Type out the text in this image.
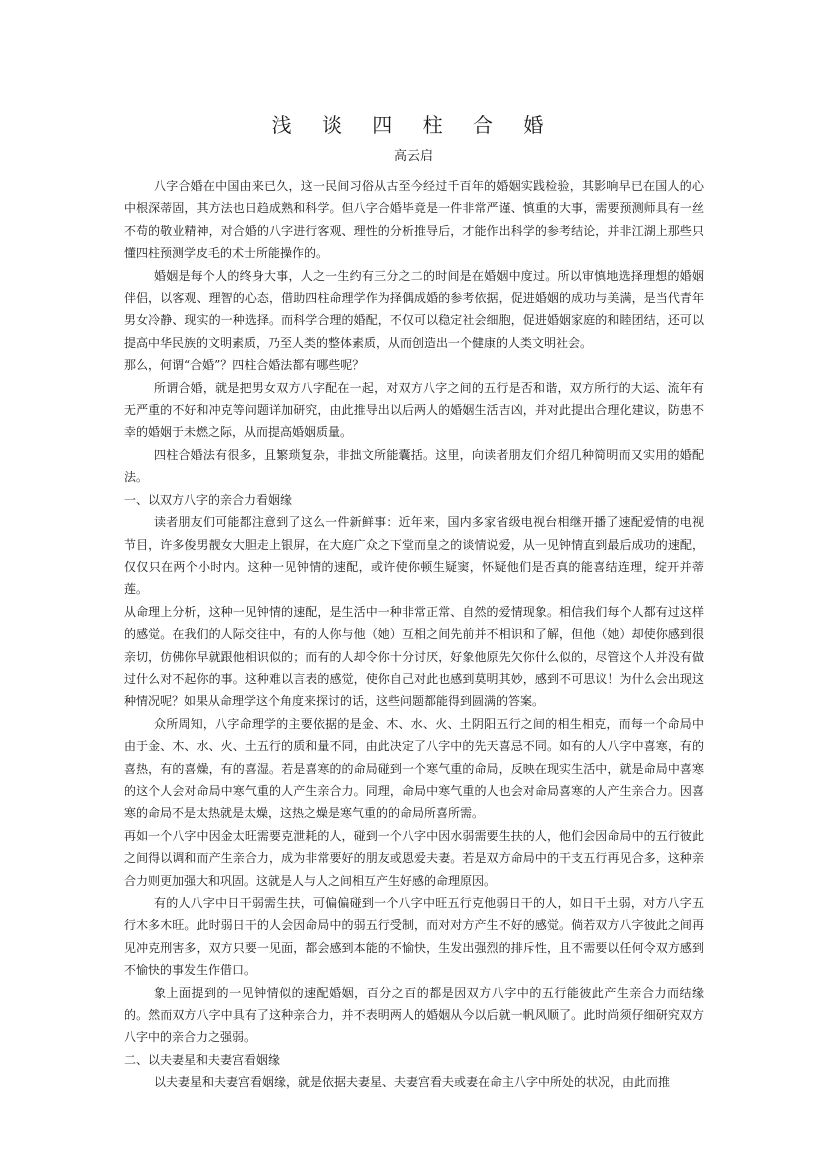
浅 谈 四 柱 合 婚
高云启

八字合婚在中国由来已久，这一民间习俗从古至今经过千百年的婚姻实践检验，其影响早已在国人的心中根深蒂固，其方法也日趋成熟和科学。但八字合婚毕竟是一件非常严谨、慎重的大事，需要预测师具有一丝不苟的敬业精神，对合婚的八字进行客观、理性的分析推导后，才能作出科学的参考结论，并非江湖上那些只懂四柱预测学皮毛的术士所能操作的。

婚姻是每个人的终身大事，人之一生约有三分之二的时间是在婚姻中度过。所以审慎地选择理想的婚姻伴侣，以客观、理智的心态，借助四柱命理学作为择偶成婚的参考依据，促进婚姻的成功与美满，是当代青年男女冷静、现实的一种选择。而科学合理的婚配，不仅可以稳定社会细胞，促进婚姻家庭的和睦团结，还可以提高中华民族的文明素质，乃至人类的整体素质，从而创造出一个健康的人类文明社会。

那么，何谓“合婚”？四柱合婚法都有哪些呢？

所谓合婚，就是把男女双方八字配在一起，对双方八字之间的五行是否和谐，双方所行的大运、流年有无严重的不好和冲克等问题详加研究，由此推导出以后两人的婚姻生活吉凶，并对此提出合理化建议，防患不幸的婚姻于未燃之际，从而提高婚姻质量。

四柱合婚法有很多，且繁琐复杂，非拙文所能囊括。这里，向读者朋友们介绍几种简明而又实用的婚配法。

一、以双方八字的亲合力看姻缘

读者朋友们可能都注意到了这么一件新鲜事：近年来，国内多家省级电视台相继开播了速配爱情的电视节目，许多俊男靓女大胆走上银屏，在大庭广众之下堂而皇之的谈情说爱，从一见钟情直到最后成功的速配，仅仅只在两个小时内。这种一见钟情的速配，或许使你顿生疑窦，怀疑他们是否真的能喜结连理，绽开并蒂莲。

从命理上分析，这种一见钟情的速配，是生活中一种非常正常、自然的爱情现象。相信我们每个人都有过这样的感觉。在我们的人际交往中，有的人你与他（她）互相之间先前并不相识和了解，但他（她）却使你感到很亲切，仿佛你早就跟他相识似的；而有的人却令你十分讨厌，好象他原先欠你什么似的，尽管这个人并没有做过什么对不起你的事。这种难以言表的感觉，使你自己对此也感到莫明其妙，感到不可思议！为什么会出现这种情况呢？如果从命理学这个角度来探讨的话，这些问题都能得到圆满的答案。

众所周知，八字命理学的主要依据的是金、木、水、火、土阴阳五行之间的相生相克，而每一个命局中由于金、木、水、火、土五行的质和量不同，由此决定了八字中的先天喜忌不同。如有的人八字中喜寒，有的喜热，有的喜燥，有的喜湿。若是喜寒的的命局碰到一个寒气重的命局，反映在现实生活中，就是命局中喜寒的这个人会对命局中寒气重的人产生亲合力。同理，命局中寒气重的人也会对命局喜寒的人产生亲合力。因喜寒的命局不是太热就是太燥，这热之燥是寒气重的的命局所喜所需。

再如一个八字中因金太旺需要克泄耗的人，碰到一个八字中因水弱需要生扶的人，他们会因命局中的五行彼此之间得以调和而产生亲合力，成为非常要好的朋友或恩爱夫妻。若是双方命局中的干支五行再见合多，这种亲合力则更加强大和巩固。这就是人与人之间相互产生好感的命理原因。

有的人八字中日干弱需生扶，可偏偏碰到一个八字中旺五行克他弱日干的人，如日干土弱，对方八字五行木多木旺。此时弱日干的人会因命局中的弱五行受制，而对对方产生不好的感觉。倘若双方八字彼此之间再见冲克刑害多，双方只要一见面，都会感到本能的不愉快，生发出强烈的排斥性，且不需要以任何令双方感到不愉快的事发生作借口。

象上面提到的一见钟情似的速配婚姻，百分之百的都是因双方八字中的五行能彼此产生亲合力而结缘的。然而双方八字中具有了这种亲合力，并不表明两人的婚姻从今以后就一帆风顺了。此时尚须仔细研究双方八字中的亲合力之强弱。

二、以夫妻星和夫妻宫看姻缘

以夫妻星和夫妻宫看姻缘，就是依据夫妻星、夫妻宫看夫或妻在命主八字中所处的状况，由此而推
